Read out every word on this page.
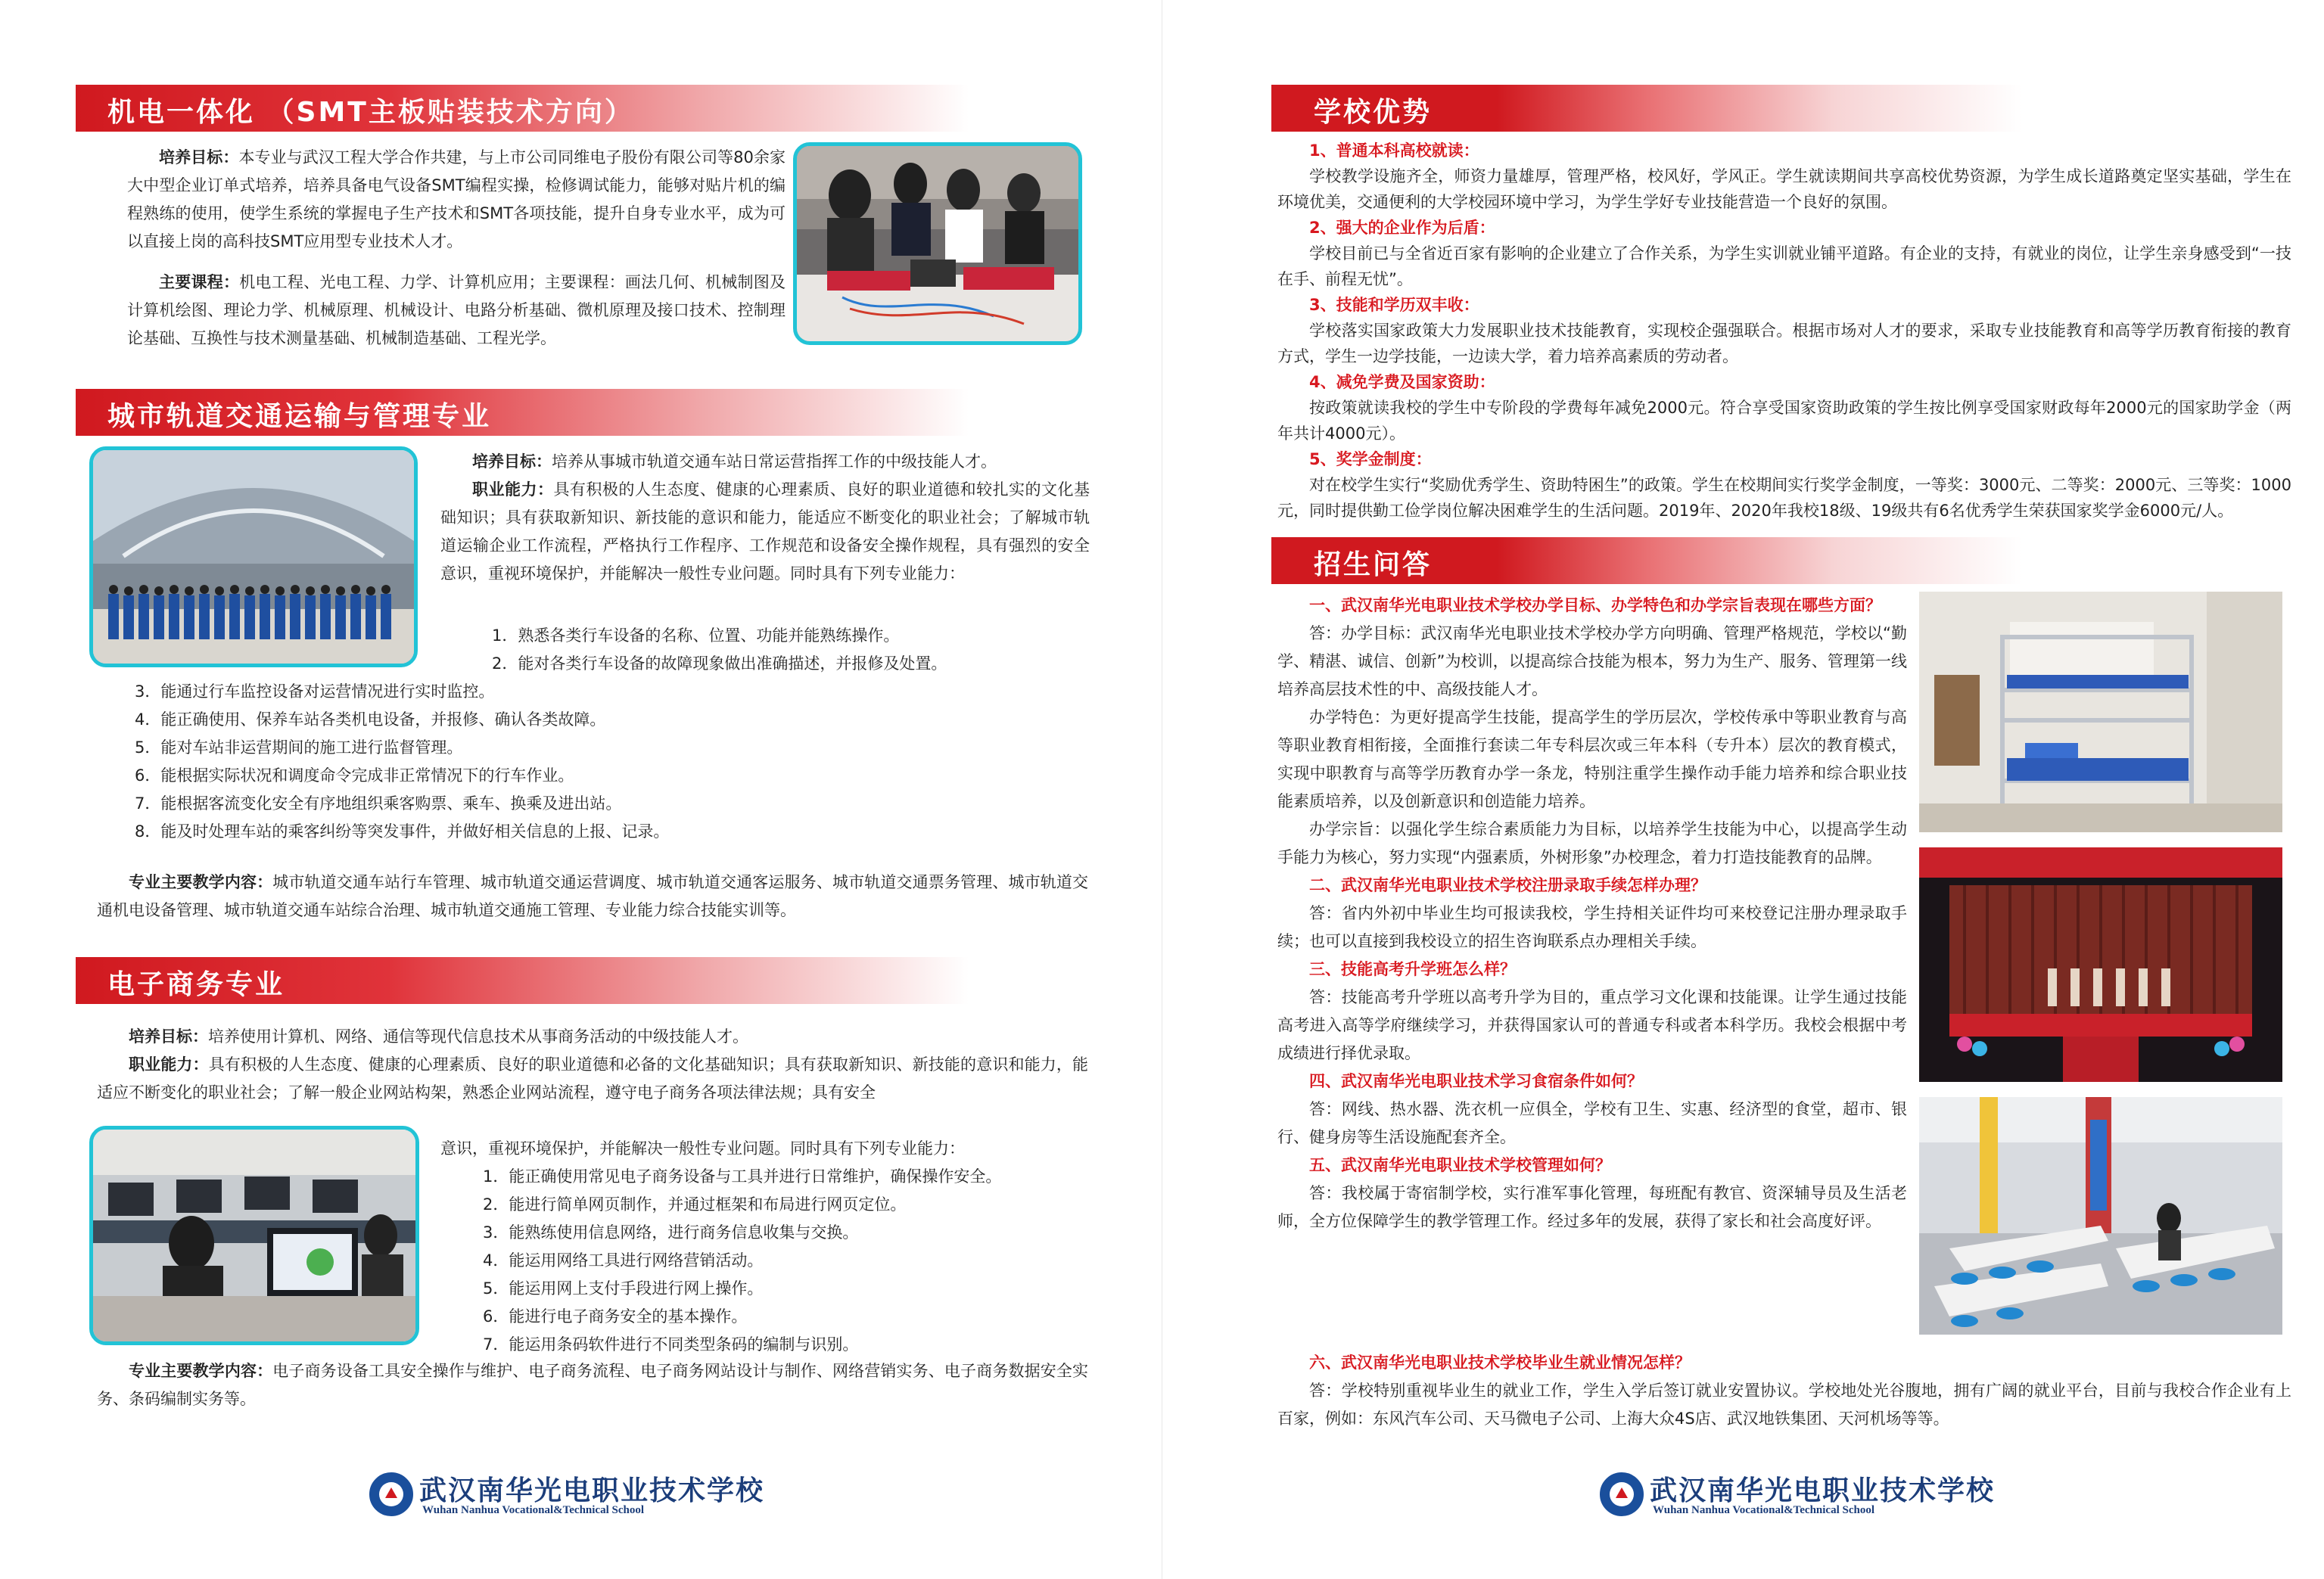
机电一体化 （SMT主板贴装技术方向）

培养目标：本专业与武汉工程大学合作共建，与上市公司同维电子股份有限公司等80余家大中型企业订单式培养，培养具备电气设备SMT编程实操，检修调试能力，能够对贴片机的编程熟练的使用，使学生系统的掌握电子生产技术和SMT各项技能，提升自身专业水平，成为可以直接上岗的高科技SMT应用型专业技术人才。

主要课程：机电工程、光电工程、力学、计算机应用；主要课程：画法几何、机械制图及计算机绘图、理论力学、机械原理、机械设计、电路分析基础、微机原理及接口技术、控制理论基础、互换性与技术测量基础、机械制造基础、工程光学。

城市轨道交通运输与管理专业

培养目标：培养从事城市轨道交通车站日常运营指挥工作的中级技能人才。

职业能力：具有积极的人生态度、健康的心理素质、良好的职业道德和较扎实的文化基础知识；具有获取新知识、新技能的意识和能力，能适应不断变化的职业社会；了解城市轨道运输企业工作流程，严格执行工作程序、工作规范和设备安全操作规程，具有强烈的安全意识，重视环境保护，并能解决一般性专业问题。同时具有下列专业能力：

1．熟悉各类行车设备的名称、位置、功能并能熟练操作。

2．能对各类行车设备的故障现象做出准确描述，并报修及处置。

3．能通过行车监控设备对运营情况进行实时监控。

4．能正确使用、保养车站各类机电设备，并报修、确认各类故障。

5．能对车站非运营期间的施工进行监督管理。

6．能根据实际状况和调度命令完成非正常情况下的行车作业。

7．能根据客流变化安全有序地组织乘客购票、乘车、换乘及进出站。

8．能及时处理车站的乘客纠纷等突发事件，并做好相关信息的上报、记录。

专业主要教学内容：城市轨道交通车站行车管理、城市轨道交通运营调度、城市轨道交通客运服务、城市轨道交通票务管理、城市轨道交通机电设备管理、城市轨道交通车站综合治理、城市轨道交通施工管理、专业能力综合技能实训等。

电子商务专业

培养目标：培养使用计算机、网络、通信等现代信息技术从事商务活动的中级技能人才。

职业能力：具有积极的人生态度、健康的心理素质、良好的职业道德和必备的文化基础知识；具有获取新知识、新技能的意识和能力，能适应不断变化的职业社会；了解一般企业网站构架，熟悉企业网站流程，遵守电子商务各项法律法规；具有安全

意识，重视环境保护，并能解决一般性专业问题。同时具有下列专业能力：

1．能正确使用常见电子商务设备与工具并进行日常维护，确保操作安全。

2．能进行简单网页制作，并通过框架和布局进行网页定位。

3．能熟练使用信息网络，进行商务信息收集与交换。

4．能运用网络工具进行网络营销活动。

5．能运用网上支付手段进行网上操作。

6．能进行电子商务安全的基本操作。

7．能运用条码软件进行不同类型条码的编制与识别。

专业主要教学内容：电子商务设备工具安全操作与维护、电子商务流程、电子商务网站设计与制作、网络营销实务、电子商务数据安全实务、条码编制实务等。

武汉南华光电职业技术学校
Wuhan Nanhua Vocational&Technical School
学校优势

1、普通本科高校就读：

学校教学设施齐全，师资力量雄厚，管理严格，校风好，学风正。学生就读期间共享高校优势资源，为学生成长道路奠定坚实基础，学生在环境优美，交通便利的大学校园环境中学习，为学生学好专业技能营造一个良好的氛围。

2、强大的企业作为后盾：

学校目前已与全省近百家有影响的企业建立了合作关系，为学生实训就业铺平道路。有企业的支持，有就业的岗位，让学生亲身感受到“一技在手、前程无忧”。

3、技能和学历双丰收：

学校落实国家政策大力发展职业技术技能教育，实现校企强强联合。根据市场对人才的要求，采取专业技能教育和高等学历教育衔接的教育方式，学生一边学技能，一边读大学，着力培养高素质的劳动者。

4、减免学费及国家资助：

按政策就读我校的学生中专阶段的学费每年减免2000元。符合享受国家资助政策的学生按比例享受国家财政每年2000元的国家助学金（两年共计4000元）。

5、奖学金制度：

对在校学生实行“奖励优秀学生、资助特困生”的政策。学生在校期间实行奖学金制度，一等奖：3000元、二等奖：2000元、三等奖：1000元，同时提供勤工俭学岗位解决困难学生的生活问题。2019年、2020年我校18级、19级共有6名优秀学生荣获国家奖学金6000元/人。

招生问答

一、武汉南华光电职业技术学校办学目标、办学特色和办学宗旨表现在哪些方面？

答：办学目标：武汉南华光电职业技术学校办学方向明确、管理严格规范，学校以“勤学、精湛、诚信、创新”为校训，以提高综合技能为根本，努力为生产、服务、管理第一线培养高层技术性的中、高级技能人才。

办学特色：为更好提高学生技能，提高学生的学历层次，学校传承中等职业教育与高等职业教育相衔接，全面推行套读二年专科层次或三年本科（专升本）层次的教育模式，实现中职教育与高等学历教育办学一条龙，特别注重学生操作动手能力培养和综合职业技能素质培养，以及创新意识和创造能力培养。

办学宗旨：以强化学生综合素质能力为目标，以培养学生技能为中心，以提高学生动手能力为核心，努力实现“内强素质，外树形象”办校理念，着力打造技能教育的品牌。

二、武汉南华光电职业技术学校注册录取手续怎样办理？

答：省内外初中毕业生均可报读我校，学生持相关证件均可来校登记注册办理录取手续；也可以直接到我校设立的招生咨询联系点办理相关手续。

三、技能高考升学班怎么样？

答：技能高考升学班以高考升学为目的，重点学习文化课和技能课。让学生通过技能高考进入高等学府继续学习，并获得国家认可的普通专科或者本科学历。我校会根据中考成绩进行择优录取。

四、武汉南华光电职业技术学习食宿条件如何？

答：网线、热水器、洗衣机一应俱全，学校有卫生、实惠、经济型的食堂，超市、银行、健身房等生活设施配套齐全。

五、武汉南华光电职业技术学校管理如何？

答：我校属于寄宿制学校，实行准军事化管理，每班配有教官、资深辅导员及生活老师，全方位保障学生的教学管理工作。经过多年的发展，获得了家长和社会高度好评。

六、武汉南华光电职业技术学校毕业生就业情况怎样？

答：学校特别重视毕业生的就业工作，学生入学后签订就业安置协议。学校地处光谷腹地，拥有广阔的就业平台，目前与我校合作企业有上百家，例如：东风汽车公司、天马微电子公司、上海大众4S店、武汉地铁集团、天河机场等等。

武汉南华光电职业技术学校
Wuhan Nanhua Vocational&Technical School
